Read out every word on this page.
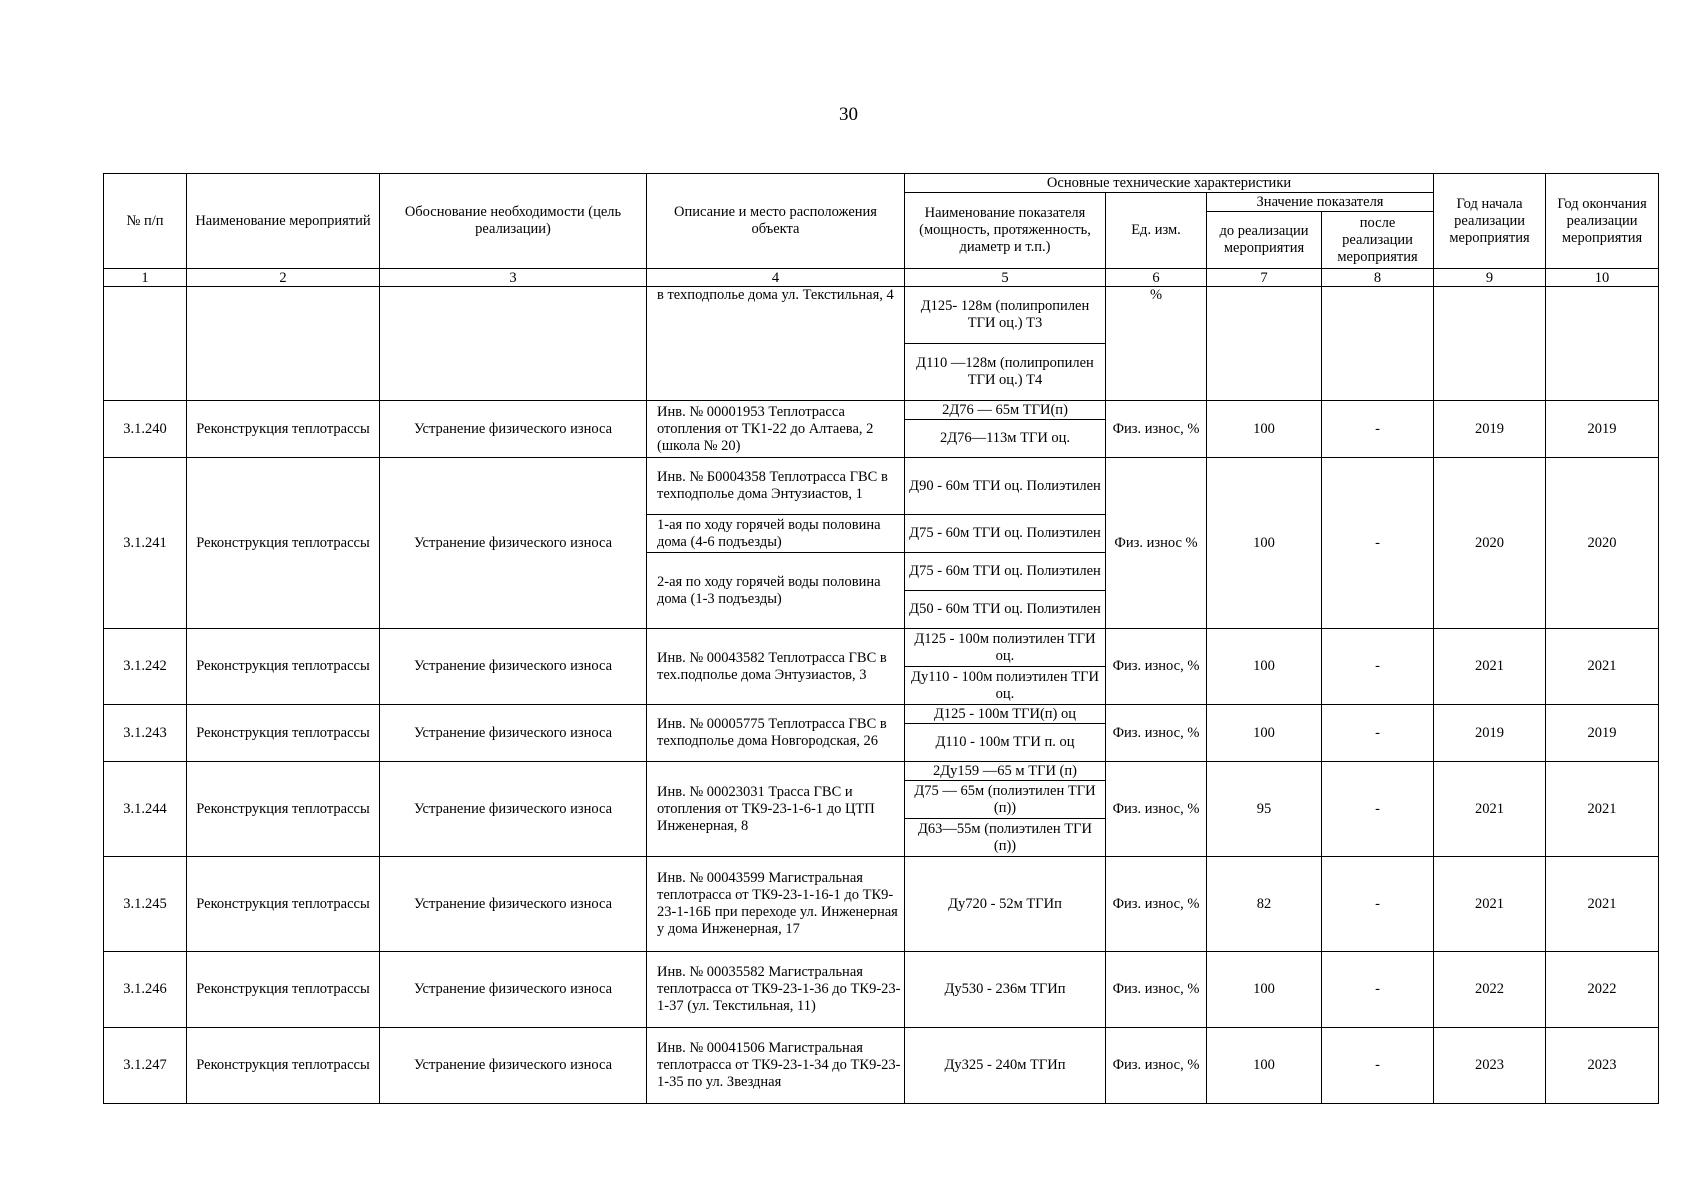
30
№ п/п	Наименование мероприятий	Обоснование необходимости (цель реализации)	Описание и место расположения объекта	Основные технические характеристики				Год начала реализации мероприятия	Год окончания реализации мероприятия
				Наименование показателя (мощность, протяженность, диаметр и т.п.)	Ед. изм.	Значение показателя			
						до реализации мероприятия	после реализации мероприятия		
1	2	3	4	5	6	7	8	9	10
			в техподполье дома ул. Текстильная, 4	Д125- 128м (полипропилен ТГИ оц.) Т3	%				
				Д110 —128м (полипропилен ТГИ оц.) Т4					
3.1.240	Реконструкция теплотрассы	Устранение физического износа	Инв. № 00001953 Теплотрасса отопления от ТК1-22 до Алтаева, 2 (школа № 20)	2Д76 — 65м ТГИ(п)	Физ. износ, %	100	-	2019	2019
				2Д76—113м ТГИ оц.					
3.1.241	Реконструкция теплотрассы	Устранение физического износа	Инв. № Б0004358 Теплотрасса ГВС в техподполье дома Энтузиастов, 1	Д90 - 60м ТГИ оц. Полиэтилен	Физ. износ %	100	-	2020	2020
			1-ая по ходу горячей воды половина дома (4-6 подъезды)	Д75 - 60м ТГИ оц. Полиэтилен					
			2-ая по ходу горячей воды половина дома (1-3 подъезды)	Д75 - 60м ТГИ оц. Полиэтилен					
				Д50 - 60м ТГИ оц. Полиэтилен					
3.1.242	Реконструкция теплотрассы	Устранение физического износа	Инв. № 00043582 Теплотрасса ГВС в тех.подполье дома Энтузиастов, 3	Д125 - 100м полиэтилен ТГИ оц.	Физ. износ, %	100	-	2021	2021
				Ду110 - 100м полиэтилен ТГИ оц.					
3.1.243	Реконструкция теплотрассы	Устранение физического износа	Инв. № 00005775 Теплотрасса ГВС в техподполье дома Новгородская, 26	Д125 - 100м ТГИ(п) оц	Физ. износ, %	100	-	2019	2019
				Д110 - 100м ТГИ п. оц					
3.1.244	Реконструкция теплотрассы	Устранение физического износа	Инв. № 00023031 Трасса ГВС и отопления от ТК9-23-1-6-1 до ЦТП Инженерная, 8	2Ду159 —65 м ТГИ (п)	Физ. износ, %	95	-	2021	2021
				Д75 — 65м (полиэтилен ТГИ (п))					
				Д63—55м (полиэтилен ТГИ (п))					
3.1.245	Реконструкция теплотрассы	Устранение физического износа	Инв. № 00043599 Магистральная теплотрасса от ТК9-23-1-16-1 до ТК9-23-1-16Б при переходе ул. Инженерная у дома Инженерная, 17	Ду720 - 52м ТГИп	Физ. износ, %	82	-	2021	2021
3.1.246	Реконструкция теплотрассы	Устранение физического износа	Инв. № 00035582 Магистральная теплотрасса от ТК9-23-1-36 до ТК9-23-1-37 (ул. Текстильная, 11)	Ду530 - 236м ТГИп	Физ. износ, %	100	-	2022	2022
3.1.247	Реконструкция теплотрассы	Устранение физического износа	Инв. № 00041506 Магистральная теплотрасса от ТК9-23-1-34 до ТК9-23-1-35 по ул. Звездная	Ду325 - 240м ТГИп	Физ. износ, %	100	-	2023	2023
